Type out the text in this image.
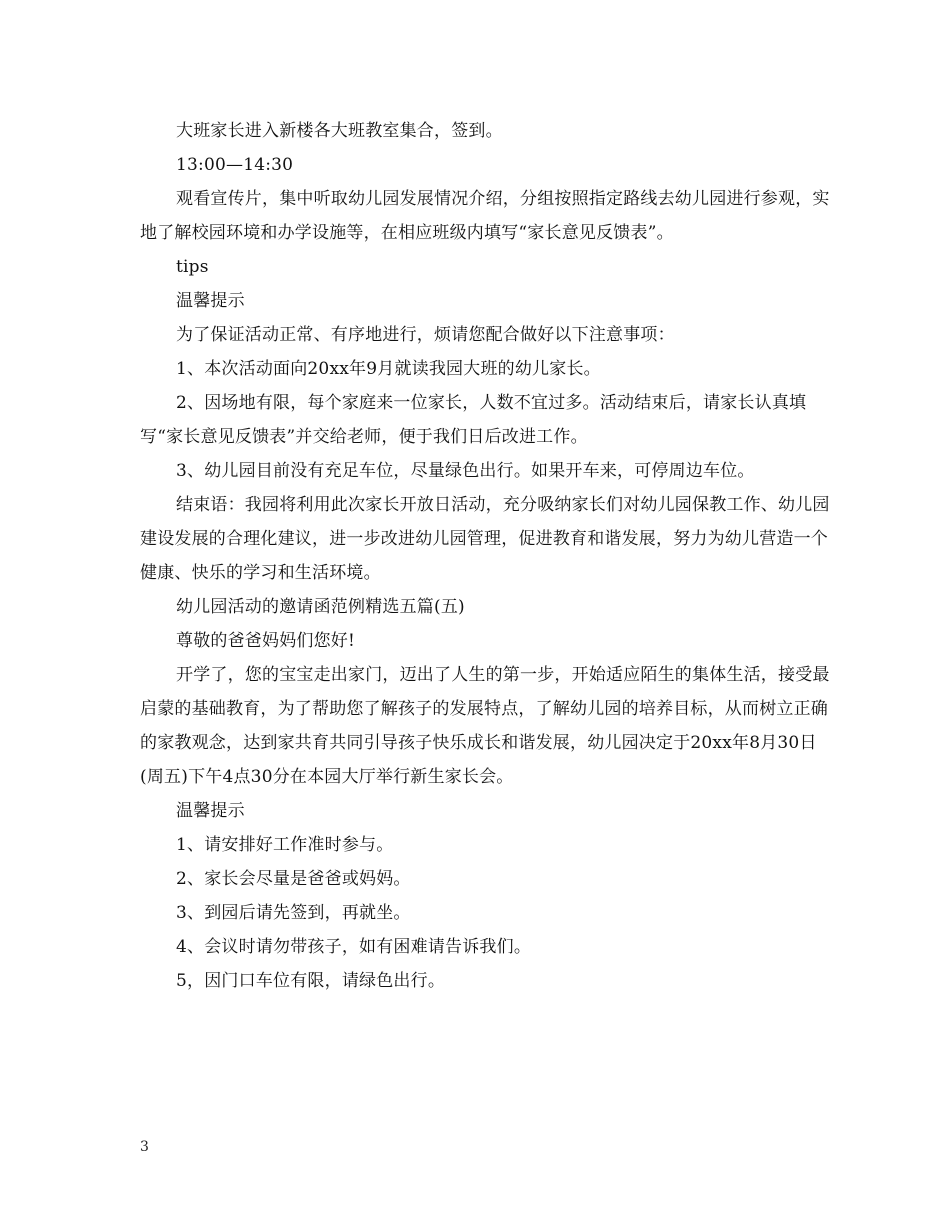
大班家长进入新楼各大班教室集合，签到。

13:00—14:30

观看宣传片，集中听取幼儿园发展情况介绍，分组按照指定路线去幼儿园进行参观，实地了解校园环境和办学设施等，在相应班级内填写“家长意见反馈表”。

tips

温馨提示

为了保证活动正常、有序地进行，烦请您配合做好以下注意事项：

1、本次活动面向20xx年9月就读我园大班的幼儿家长。

2、因场地有限，每个家庭来一位家长，人数不宜过多。活动结束后，请家长认真填写“家长意见反馈表”并交给老师，便于我们日后改进工作。

3、幼儿园目前没有充足车位，尽量绿色出行。如果开车来，可停周边车位。

结束语：我园将利用此次家长开放日活动，充分吸纳家长们对幼儿园保教工作、幼儿园建设发展的合理化建议，进一步改进幼儿园管理，促进教育和谐发展，努力为幼儿营造一个健康、快乐的学习和生活环境。

幼儿园活动的邀请函范例精选五篇(五)

尊敬的爸爸妈妈们您好!

开学了，您的宝宝走出家门，迈出了人生的第一步，开始适应陌生的集体生活，接受最启蒙的基础教育，为了帮助您了解孩子的发展特点，了解幼儿园的培养目标，从而树立正确的家教观念，达到家共育共同引导孩子快乐成长和谐发展，幼儿园决定于20xx年8月30日(周五)下午4点30分在本园大厅举行新生家长会。

温馨提示

1、请安排好工作准时参与。

2、家长会尽量是爸爸或妈妈。

3、到园后请先签到，再就坐。

4、会议时请勿带孩子，如有困难请告诉我们。

5，因门口车位有限，请绿色出行。

3
